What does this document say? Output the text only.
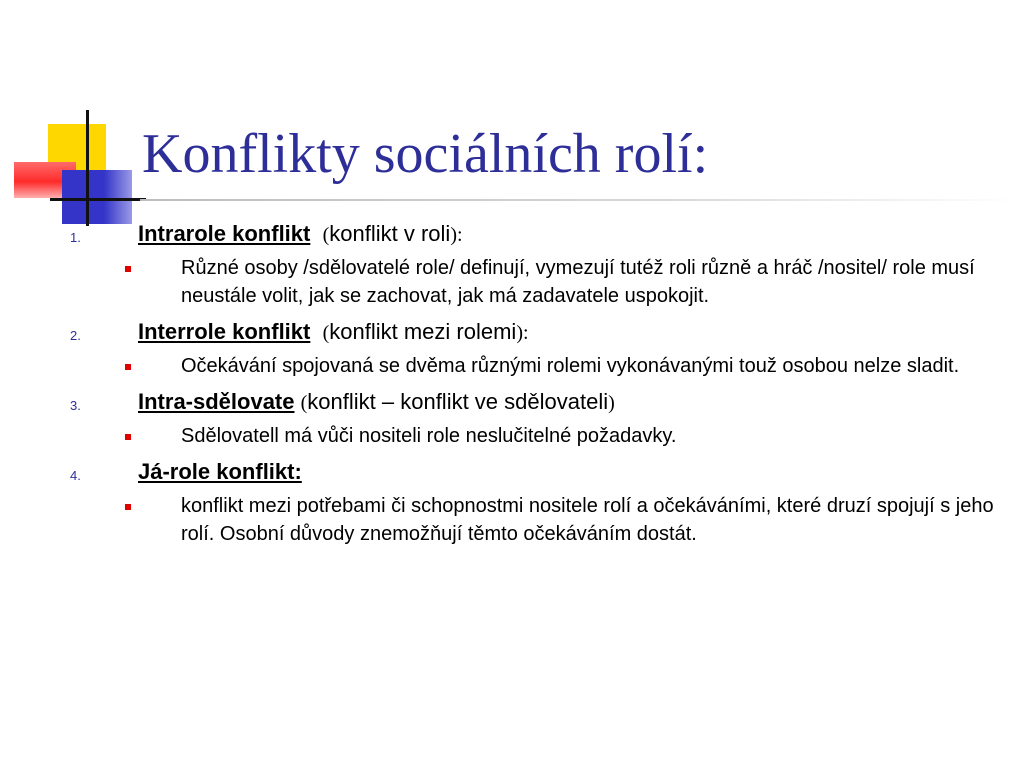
Konflikty sociálních rolí:
1.	Intrarole konflikt (konflikt v roli):
Různé osoby /sdělovatelé role/ definují, vymezují tutéž roli různě a hráč /nositel/ role musí neustále volit, jak se zachovat, jak má zadavatele uspokojit.
2.	Interrole konflikt (konflikt mezi rolemi):
Očekávání spojovaná se dvěma různými rolemi vykonávanými touž osobou nelze sladit.
3.	Intra-sdělovate (konflikt – konflikt ve sdělovateli)
Sdělovatell má vůči nositeli role neslučitelné požadavky.
4.	Já-role konflikt:
konflikt mezi potřebami či schopnostmi nositele rolí a očekáváními, které druzí spojují s jeho rolí. Osobní důvody znemožňují těmto očekáváním dostát.
